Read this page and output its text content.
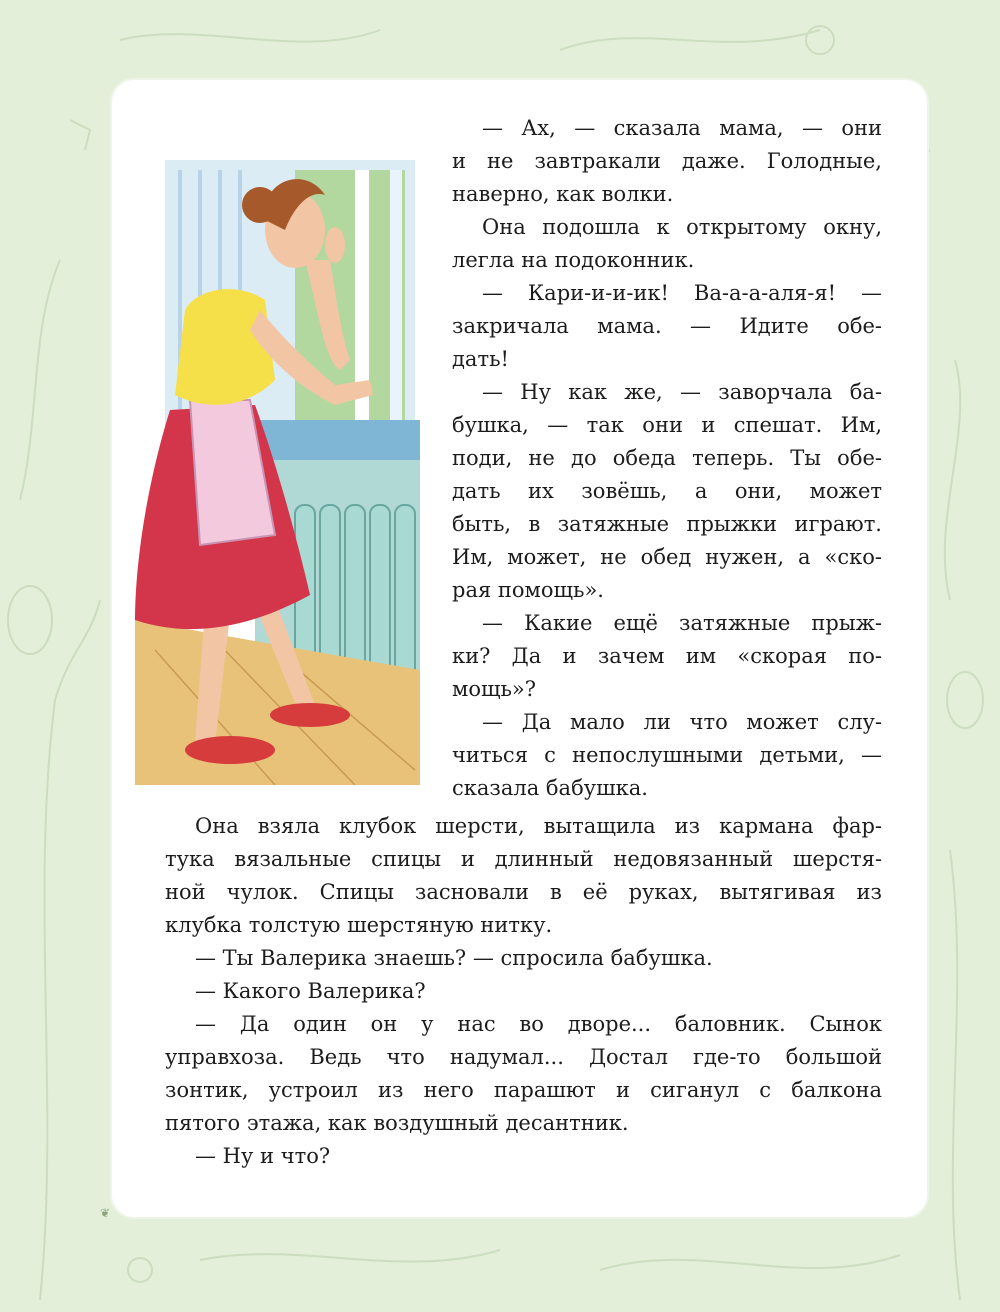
— Ах, — сказала мама, — они
и не завтракали даже. Голодные,
наверно, как волки.
Она подошла к открытому окну,
легла на подоконник.
— Кари-и-и-ик! Ва-а-а-аля-я! —
закричала мама. — Идите обе-
дать!
— Ну как же, — заворчала ба-
бушка, — так они и спешат. Им,
поди, не до обеда теперь. Ты обе-
дать их зовёшь, а они, может
быть, в затяжные прыжки играют.
Им, может, не обед нужен, а «ско-
рая помощь».
— Какие ещё затяжные прыж-
ки? Да и зачем им «скорая по-
мощь»?
— Да мало ли что может слу-
читься с непослушными детьми, —
сказала бабушка.
Она взяла клубок шерсти, вытащила из кармана фар-
тука вязальные спицы и длинный недовязанный шерстя-
ной чулок. Спицы засновали в её руках, вытягивая из
клубка толстую шерстяную нитку.
— Ты Валерика знаешь? — спросила бабушка.
— Какого Валерика?
— Да один он у нас во дворе... баловник. Сынок
управхоза. Ведь что надумал... Достал где-то большой
зонтик, устроил из него парашют и сиганул с балкона
пятого этажа, как воздушный десантник.
— Ну и что?
❦
